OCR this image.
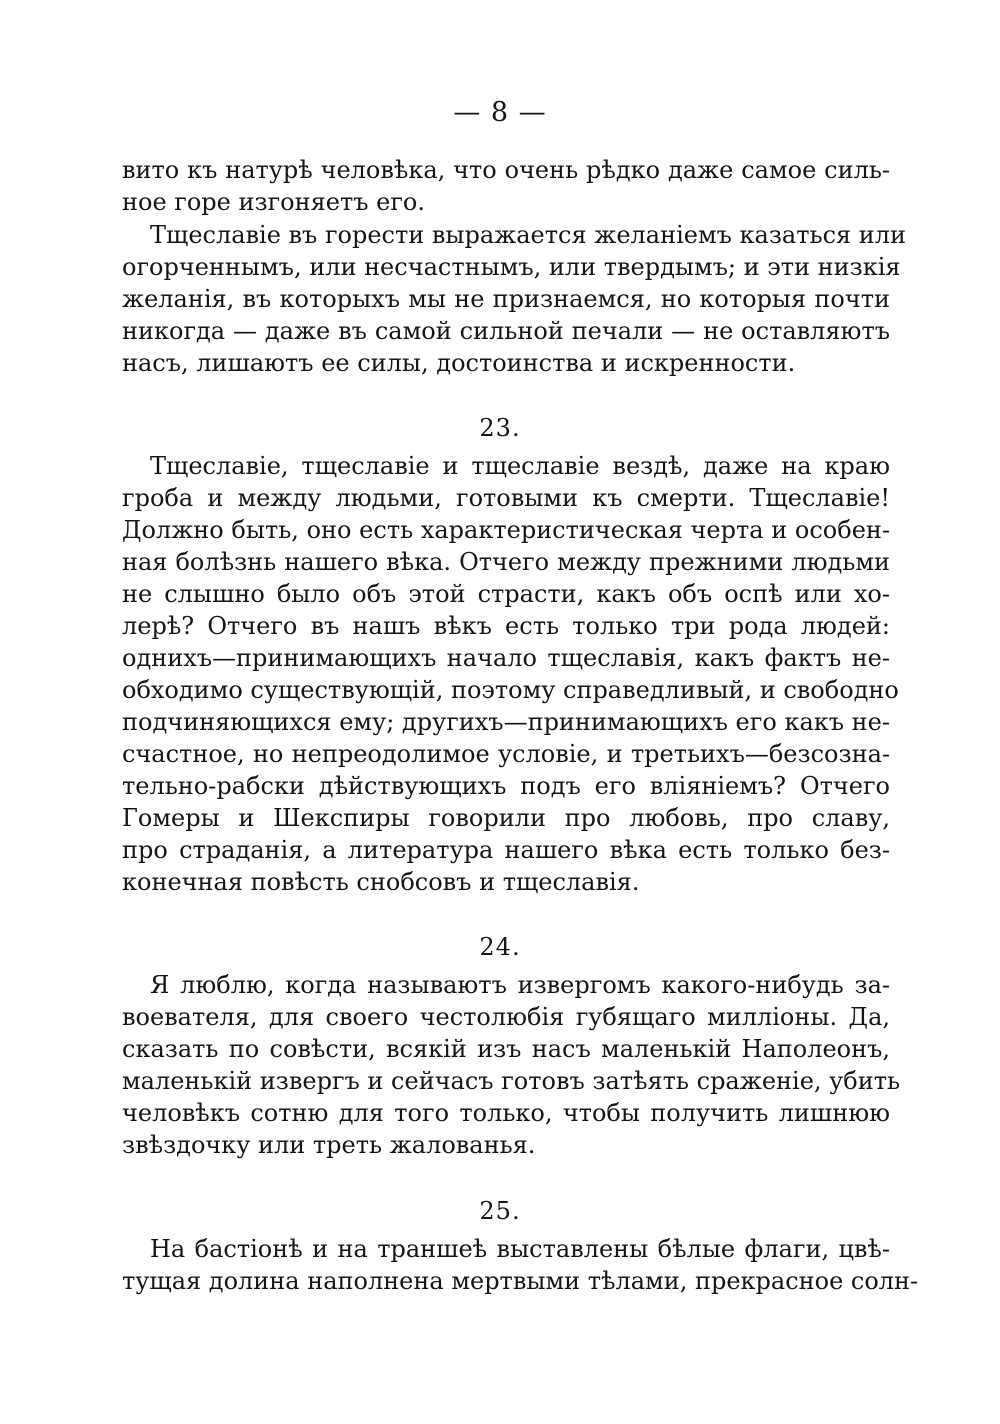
— 8 —
вито къ натурѣ человѣка, что очень рѣдко даже самое силь-
ное горе изгоняетъ его.
Тщеславіе въ горести выражается желаніемъ казаться или
огорченнымъ, или несчастнымъ, или твердымъ; и эти низкія
желанія, въ которыхъ мы не признаемся, но которыя почти
никогда — даже въ самой сильной печали — не оставляютъ
насъ, лишаютъ ее силы, достоинства и искренности.
23.
Тщеславіе, тщеславіе и тщеславіе вездѣ, даже на краю
гроба и между людьми, готовыми къ смерти. Тщеславіе!
Должно быть, оно есть характеристическая черта и особен-
ная болѣзнь нашего вѣка. Отчего между прежними людьми
не слышно было объ этой страсти, какъ объ оспѣ или хо-
лерѣ? Отчего въ нашъ вѣкъ есть только три рода людей:
однихъ—принимающихъ начало тщеславія, какъ фактъ не-
обходимо существующій, поэтому справедливый, и свободно
подчиняющихся ему; другихъ—принимающихъ его какъ не-
счастное, но непреодолимое условіе, и третьихъ—безсозна-
тельно-рабски дѣйствующихъ подъ его вліяніемъ? Отчего
Гомеры и Шекспиры говорили про любовь, про славу,
про страданія, а литература нашего вѣка есть только без-
конечная повѣсть снобсовъ и тщеславія.
24.
Я люблю, когда называютъ извергомъ какого-нибудь за-
воевателя, для своего честолюбія губящаго милліоны. Да,
сказать по совѣсти, всякій изъ насъ маленькій Наполеонъ,
маленькій извергъ и сейчасъ готовъ затѣять сраженіе, убить
человѣкъ сотню для того только, чтобы получить лишнюю
звѣздочку или треть жалованья.
25.
На бастіонѣ и на траншеѣ выставлены бѣлые флаги, цвѣ-
тущая долина наполнена мертвыми тѣлами, прекрасное солн-
